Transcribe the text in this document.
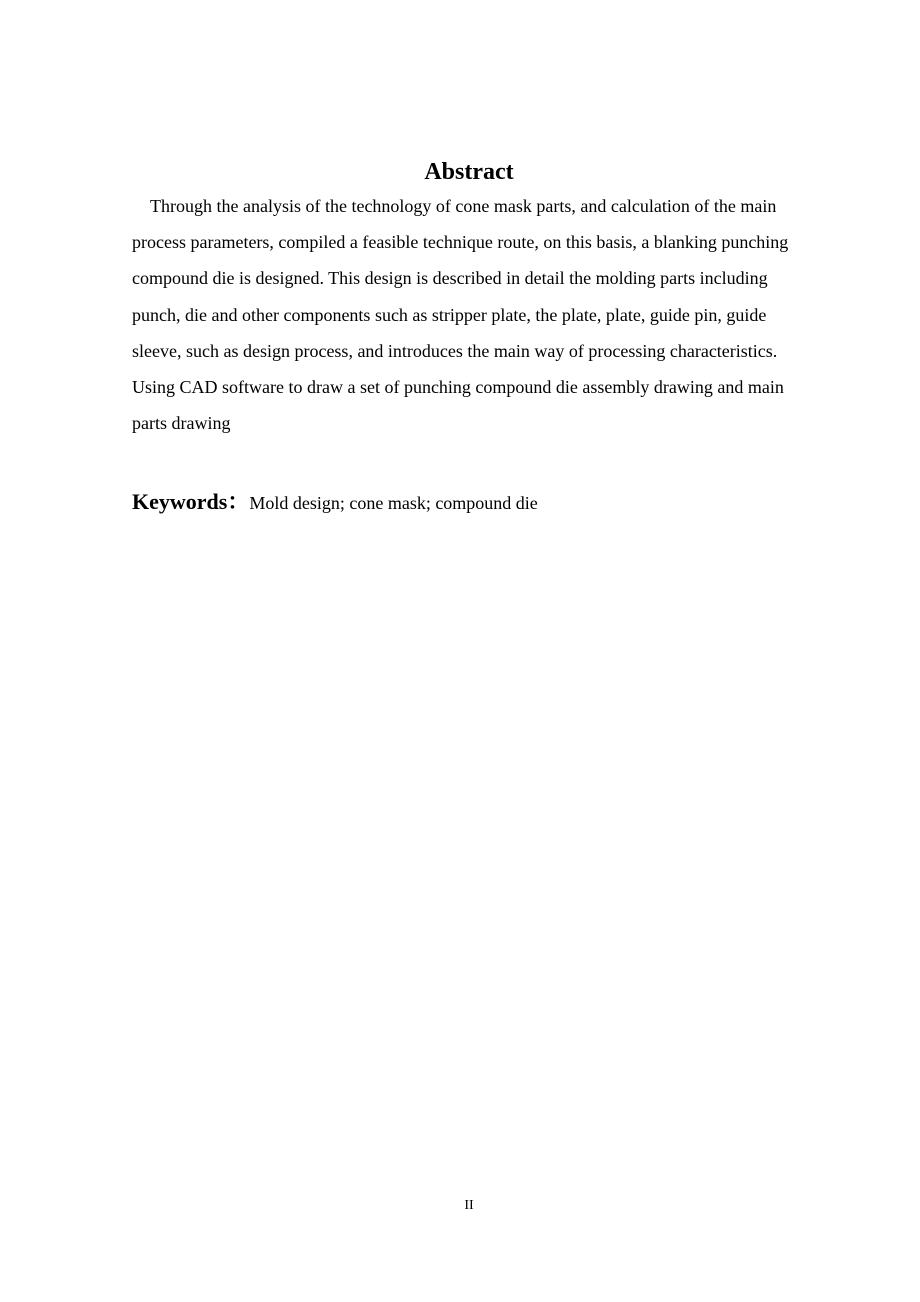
Abstract

Through the analysis of the technology of cone mask parts, and calculation of the main process parameters, compiled a feasible technique route, on this basis, a blanking punching compound die is designed. This design is described in detail the molding parts including punch, die and other components such as stripper plate, the plate, plate, guide pin, guide sleeve, such as design process, and introduces the main way of processing characteristics. Using CAD software to draw a set of punching compound die assembly drawing and main parts drawing

Keywords：Mold design; cone mask; compound die
II
